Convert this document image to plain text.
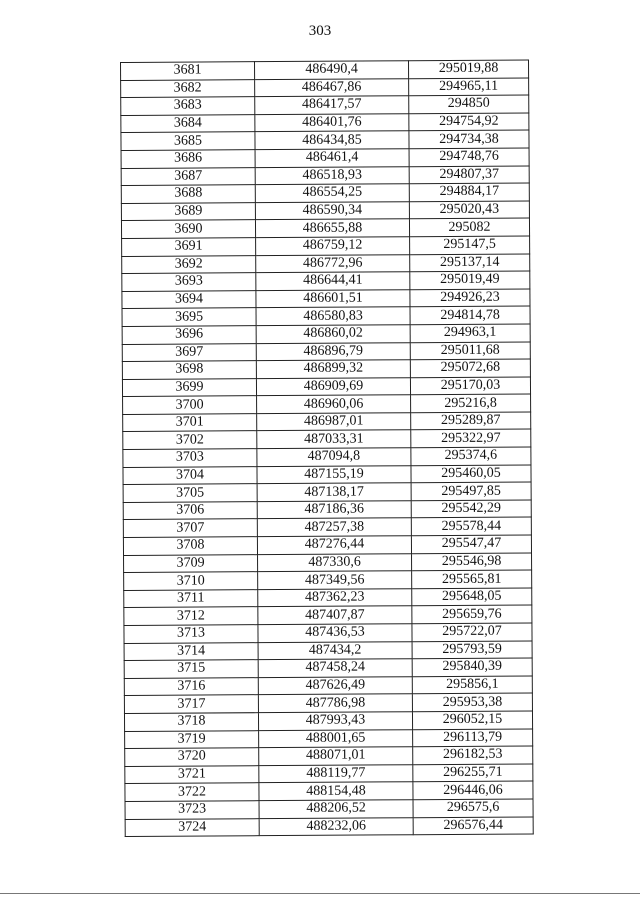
303
3681	486490,4	295019,88
3682	486467,86	294965,11
3683	486417,57	294850
3684	486401,76	294754,92
3685	486434,85	294734,38
3686	486461,4	294748,76
3687	486518,93	294807,37
3688	486554,25	294884,17
3689	486590,34	295020,43
3690	486655,88	295082
3691	486759,12	295147,5
3692	486772,96	295137,14
3693	486644,41	295019,49
3694	486601,51	294926,23
3695	486580,83	294814,78
3696	486860,02	294963,1
3697	486896,79	295011,68
3698	486899,32	295072,68
3699	486909,69	295170,03
3700	486960,06	295216,8
3701	486987,01	295289,87
3702	487033,31	295322,97
3703	487094,8	295374,6
3704	487155,19	295460,05
3705	487138,17	295497,85
3706	487186,36	295542,29
3707	487257,38	295578,44
3708	487276,44	295547,47
3709	487330,6	295546,98
3710	487349,56	295565,81
3711	487362,23	295648,05
3712	487407,87	295659,76
3713	487436,53	295722,07
3714	487434,2	295793,59
3715	487458,24	295840,39
3716	487626,49	295856,1
3717	487786,98	295953,38
3718	487993,43	296052,15
3719	488001,65	296113,79
3720	488071,01	296182,53
3721	488119,77	296255,71
3722	488154,48	296446,06
3723	488206,52	296575,6
3724	488232,06	296576,44
